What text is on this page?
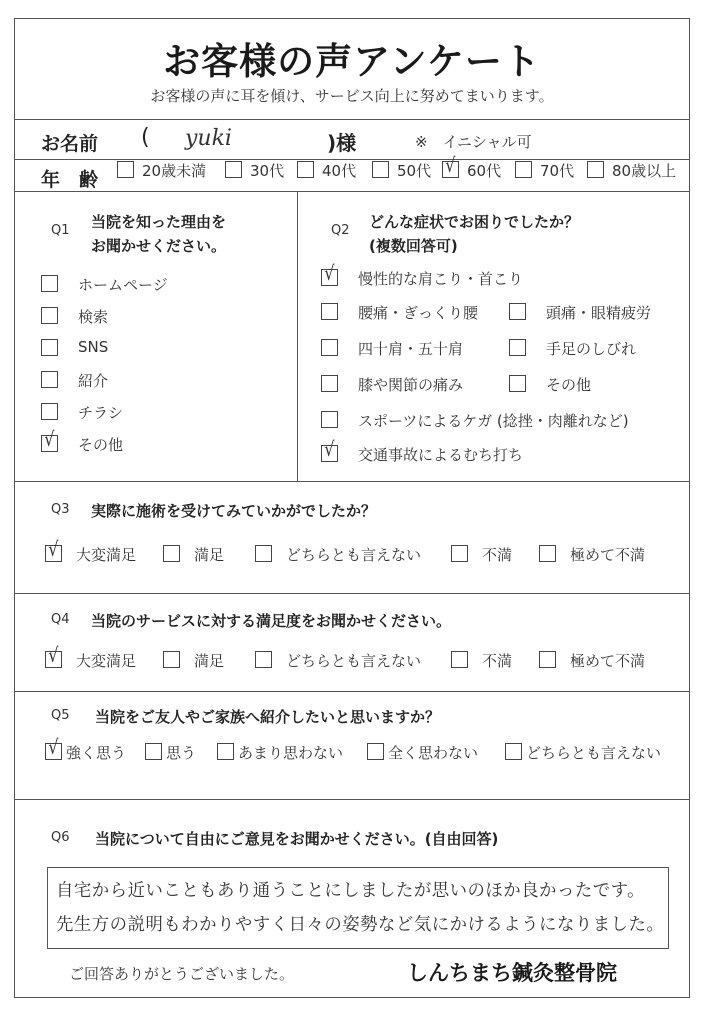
お客様の声アンケート
お客様の声に耳を傾け、サービス向上に努めてまいります。
お名前 ( yuki	)様	※　イニシャル可
年　齢	20歳未満	30代	40代	50代 √ 60代	70代	80歳以上
Q1 当院を知った理由を
お聞かせください。
ホームページ
検索
SNS
紹介
チラシ
√ その他
Q2 どんな症状でお困りでしたか？
(複数回答可)
√ 慢性的な肩こり・首こり
腰痛・ぎっくり腰	頭痛・眼精疲労
四十肩・五十肩	手足のしびれ
膝や関節の痛み	その他
スポーツによるケガ (捻挫・肉離れなど)
√ 交通事故によるむち打ち
Q3 実際に施術を受けてみていかがでしたか？
√ 大変満足	満足	どちらとも言えない	不満	極めて不満
Q4 当院のサービスに対する満足度をお聞かせください。
√ 大変満足	満足	どちらとも言えない	不満	極めて不満
Q5 当院をご友人やご家族へ紹介したいと思いますか？
√ 強く思う	思う	あまり思わない	全く思わない	どちらとも言えない
Q6 当院について自由にご意見をお聞かせください。(自由回答)
自宅から近いこともあり通うことにしましたが思いのほか良かったです。
先生方の説明もわかりやすく日々の姿勢など気にかけるようになりました。
ご回答ありがとうございました。	しんちまち鍼灸整骨院
